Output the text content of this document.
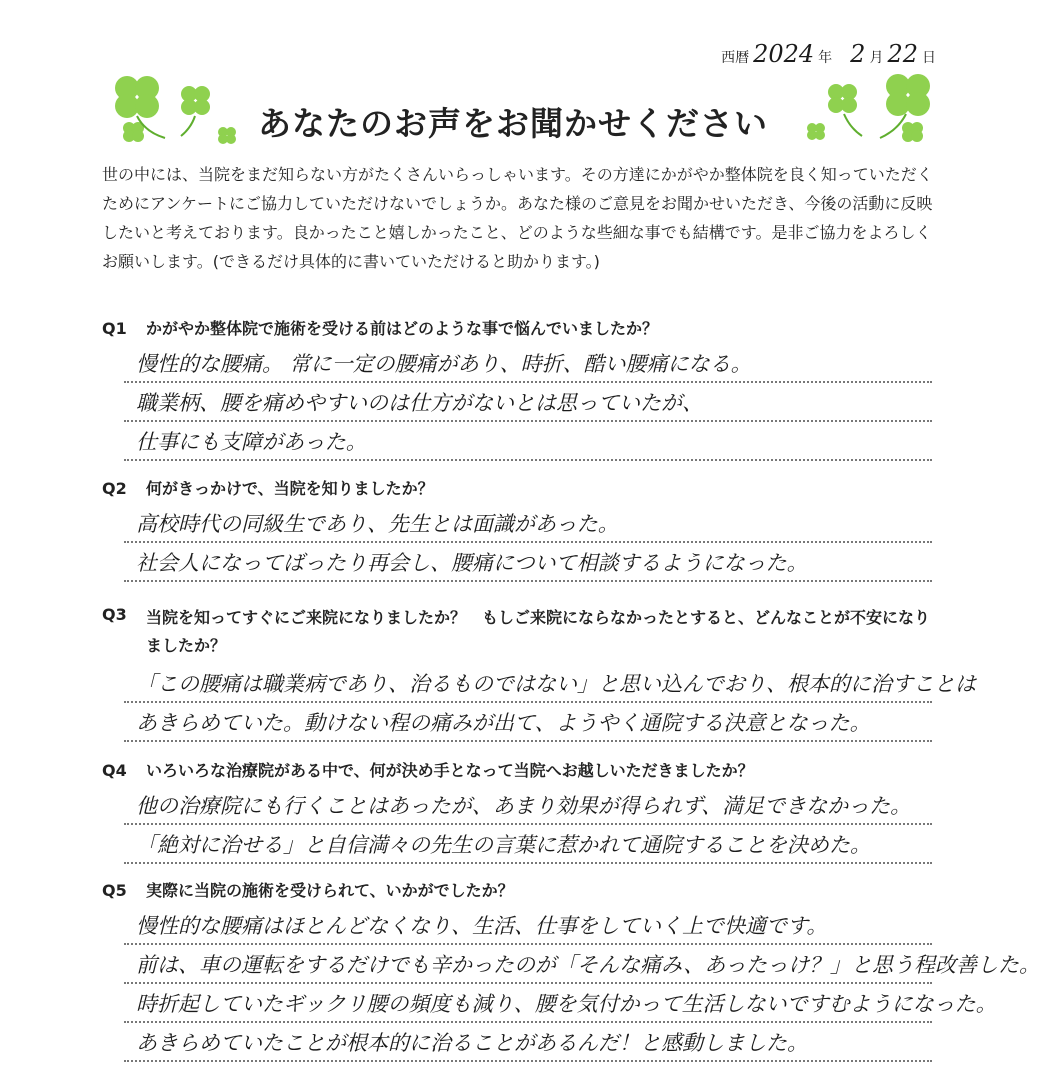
西暦 2024 年 2 月 22 日
あなたのお声をお聞かせください

世の中には、当院をまだ知らない方がたくさんいらっしゃいます。その方達にかがやか整体院を良く知っていただくためにアンケートにご協力していただけないでしょうか。あなた様のご意見をお聞かせいただき、今後の活動に反映したいと考えております。良かったこと嬉しかったこと、どのような些細な事でも結構です。是非ご協力をよろしくお願いします。(できるだけ具体的に書いていただけると助かります。)

Q1	かがやか整体院で施術を受ける前はどのような事で悩んでいましたか？
慢性的な腰痛。 常に一定の腰痛があり、時折、酷い腰痛になる。
職業柄、腰を痛めやすいのは仕方がないとは思っていたが、
仕事にも支障があった。
Q2	何がきっかけで、当院を知りましたか？
高校時代の同級生であり、先生とは面識があった。
社会人になってばったり再会し、腰痛について相談するようになった。
Q3	当院を知ってすぐにご来院になりましたか？　もしご来院にならなかったとすると、どんなことが不安になりましたか？
「この腰痛は職業病であり、治るものではない」と思い込んでおり、根本的に治すことは
あきらめていた。動けない程の痛みが出て、ようやく通院する決意となった。
Q4	いろいろな治療院がある中で、何が決め手となって当院へお越しいただきましたか？
他の治療院にも行くことはあったが、あまり効果が得られず、満足できなかった。
「絶対に治せる」と自信満々の先生の言葉に惹かれて通院することを決めた。
Q5	実際に当院の施術を受けられて、いかがでしたか？
慢性的な腰痛はほとんどなくなり、生活、仕事をしていく上で快適です。
前は、車の運転をするだけでも辛かったのが「そんな痛み、あったっけ？」と思う程改善した。
時折起していたギックリ腰の頻度も減り、腰を気付かって生活しないですむようになった。
あきらめていたことが根本的に治ることがあるんだ！と感動しました。
